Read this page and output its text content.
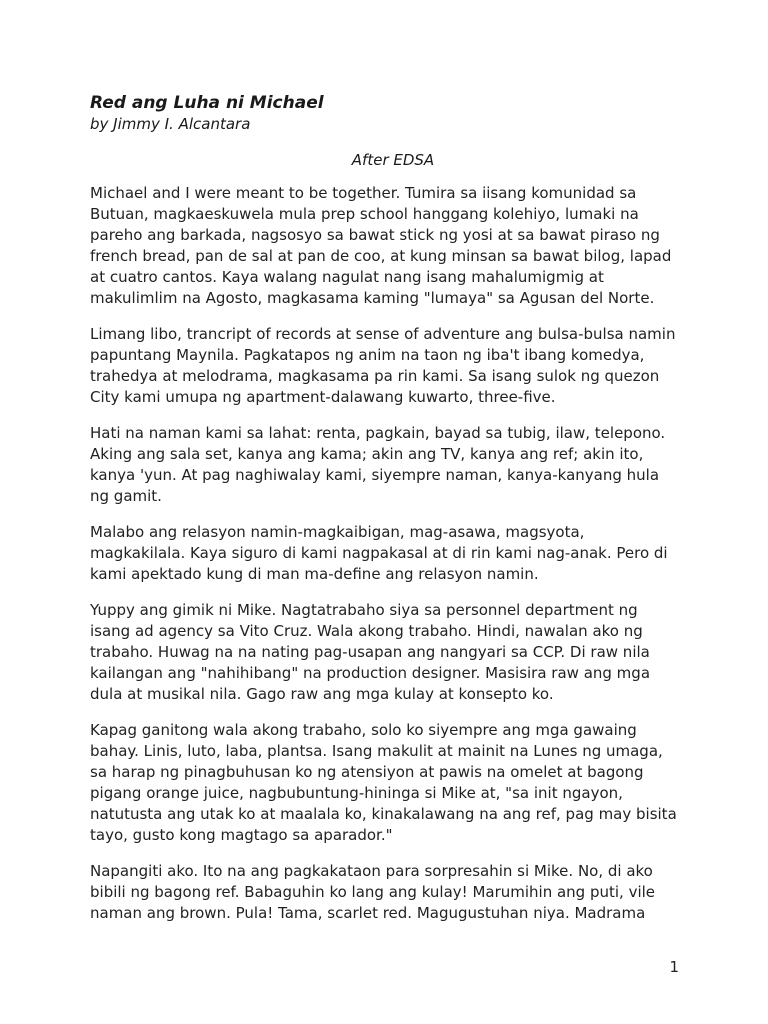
Red ang Luha ni Michael

by Jimmy I. Alcantara

After EDSA

Michael and I were meant to be together. Tumira sa iisang komunidad sa Butuan, magkaeskuwela mula prep school hanggang kolehiyo, lumaki na pareho ang barkada, nagsosyo sa bawat stick ng yosi at sa bawat piraso ng french bread, pan de sal at pan de coo, at kung minsan sa bawat bilog, lapad at cuatro cantos. Kaya walang nagulat nang isang mahalumigmig at makulimlim na Agosto, magkasama kaming "lumaya" sa Agusan del Norte.

Limang libo, trancript of records at sense of adventure ang bulsa-bulsa namin papuntang Maynila. Pagkatapos ng anim na taon ng iba't ibang komedya, trahedya at melodrama, magkasama pa rin kami. Sa isang sulok ng quezon City kami umupa ng apartment-dalawang kuwarto, three-five.

Hati na naman kami sa lahat: renta, pagkain, bayad sa tubig, ilaw, telepono. Aking ang sala set, kanya ang kama; akin ang TV, kanya ang ref; akin ito, kanya 'yun. At pag naghiwalay kami, siyempre naman, kanya-kanyang hula ng gamit.

Malabo ang relasyon namin-magkaibigan, mag-asawa, magsyota, magkakilala. Kaya siguro di kami nagpakasal at di rin kami nag-anak. Pero di kami apektado kung di man ma-define ang relasyon namin.

Yuppy ang gimik ni Mike. Nagtatrabaho siya sa personnel department ng isang ad agency sa Vito Cruz. Wala akong trabaho. Hindi, nawalan ako ng trabaho. Huwag na na nating pag-usapan ang nangyari sa CCP. Di raw nila kailangan ang "nahihibang" na production designer. Masisira raw ang mga dula at musikal nila. Gago raw ang mga kulay at konsepto ko.

Kapag ganitong wala akong trabaho, solo ko siyempre ang mga gawaing bahay. Linis, luto, laba, plantsa. Isang makulit at mainit na Lunes ng umaga, sa harap ng pinagbuhusan ko ng atensiyon at pawis na omelet at bagong pigang orange juice, nagbubuntung-hininga si Mike at, "sa init ngayon, natutusta ang utak ko at maalala ko, kinakalawang na ang ref, pag may bisita tayo, gusto kong magtago sa aparador."

Napangiti ako. Ito na ang pagkakataon para sorpresahin si Mike. No, di ako bibili ng bagong ref. Babaguhin ko lang ang kulay! Marumihin ang puti, vile naman ang brown. Pula! Tama, scarlet red. Magugustuhan niya. Madrama

1
